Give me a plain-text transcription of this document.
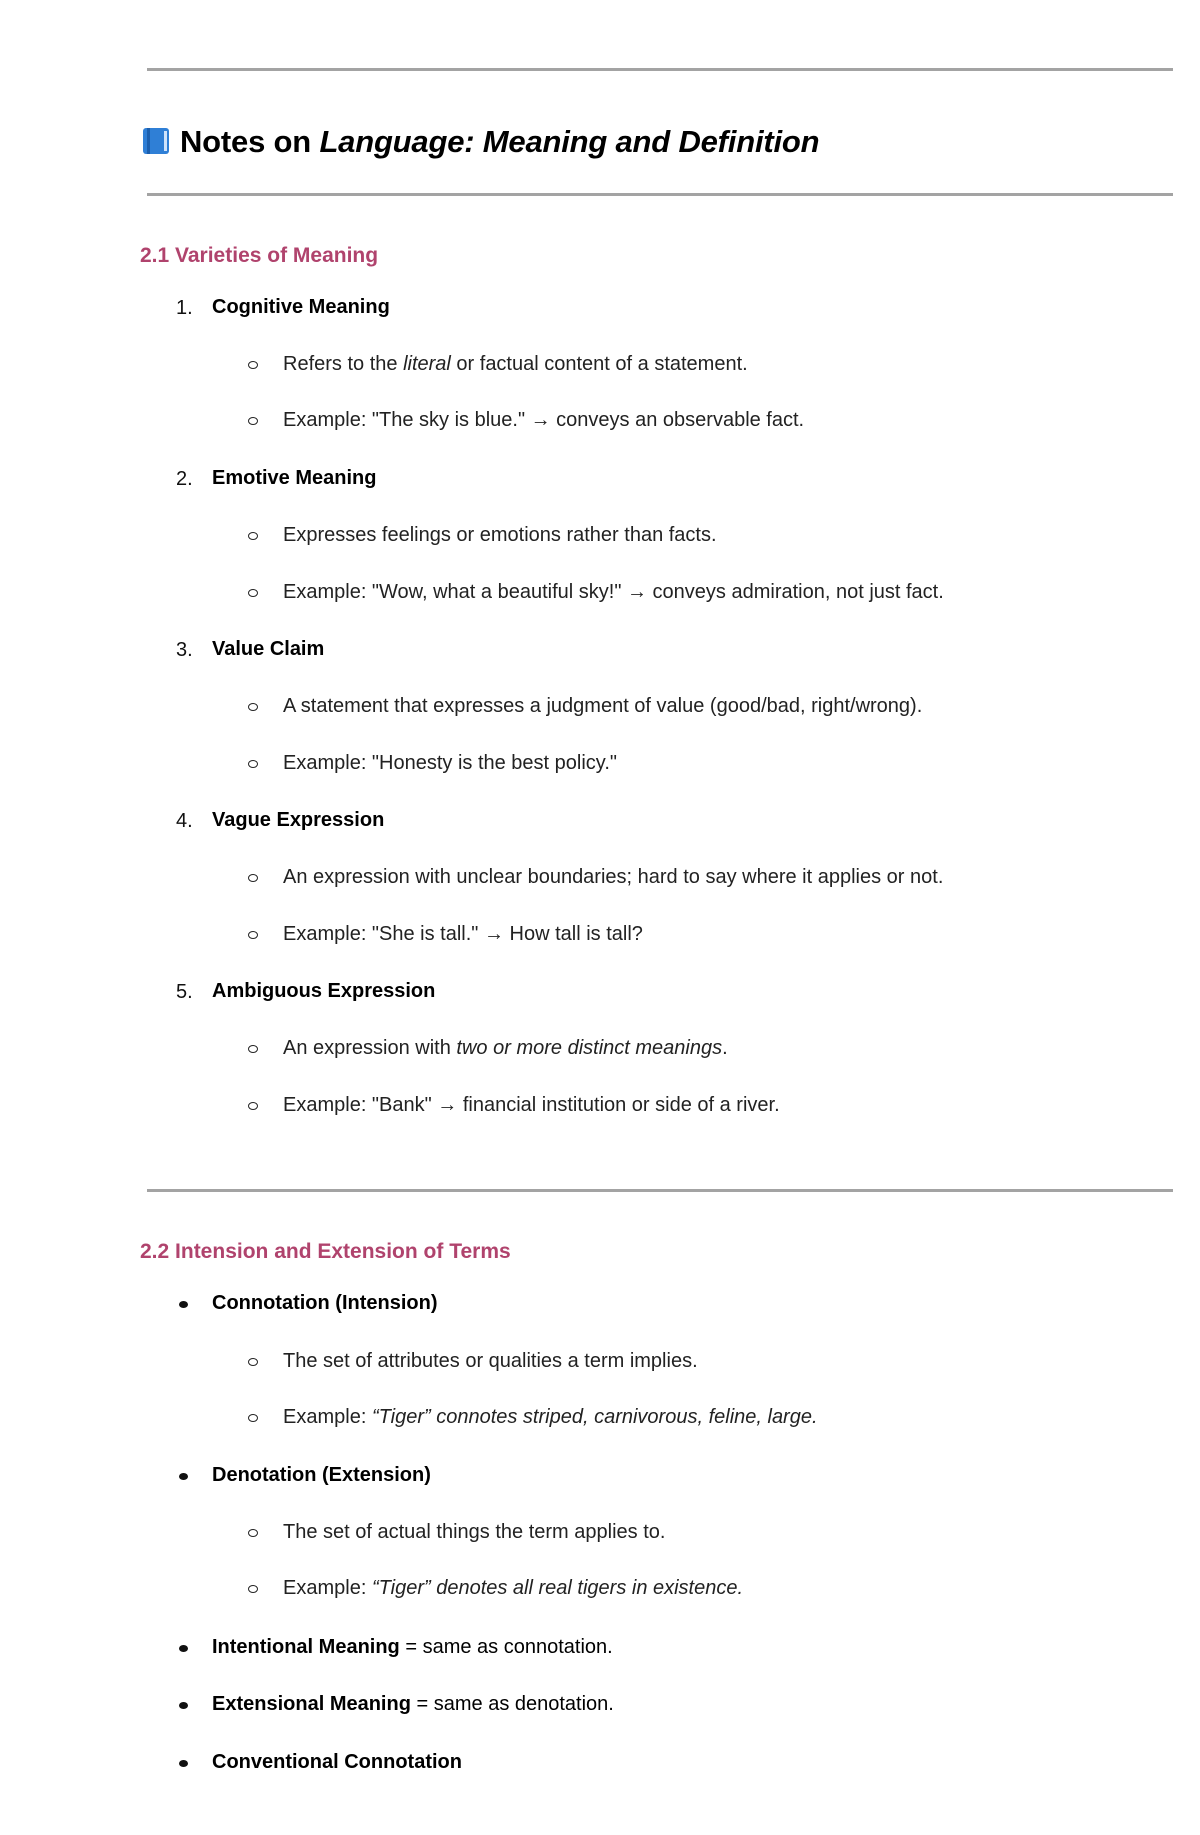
Notes on Language: Meaning and Definition
2.1 Varieties of Meaning
1. Cognitive Meaning
Refers to the literal or factual content of a statement.
Example: "The sky is blue." → conveys an observable fact.
2. Emotive Meaning
Expresses feelings or emotions rather than facts.
Example: "Wow, what a beautiful sky!" → conveys admiration, not just fact.
3. Value Claim
A statement that expresses a judgment of value (good/bad, right/wrong).
Example: "Honesty is the best policy."
4. Vague Expression
An expression with unclear boundaries; hard to say where it applies or not.
Example: "She is tall." → How tall is tall?
5. Ambiguous Expression
An expression with two or more distinct meanings.
Example: "Bank" → financial institution or side of a river.
2.2 Intension and Extension of Terms
Connotation (Intension)
The set of attributes or qualities a term implies.
Example: “Tiger” connotes striped, carnivorous, feline, large.
Denotation (Extension)
The set of actual things the term applies to.
Example: “Tiger” denotes all real tigers in existence.
Intentional Meaning = same as connotation.
Extensional Meaning = same as denotation.
Conventional Connotation
